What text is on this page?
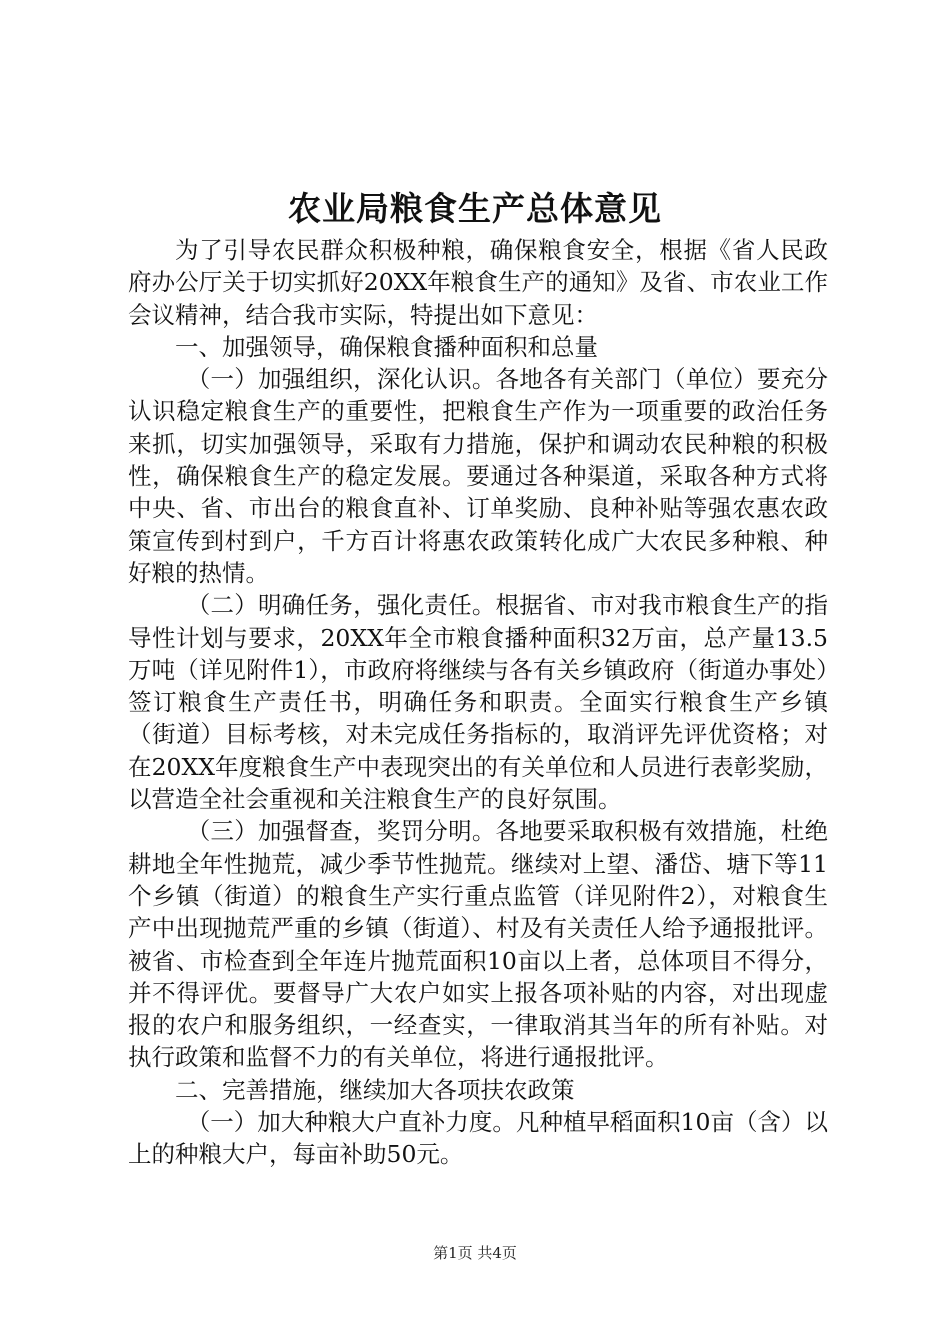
农业局粮食生产总体意见

为了引导农民群众积极种粮，确保粮食安全，根据《省人民政府办公厅关于切实抓好20XX年粮食生产的通知》及省、市农业工作会议精神，结合我市实际，特提出如下意见：

一、加强领导，确保粮食播种面积和总量

（一）加强组织，深化认识。各地各有关部门（单位）要充分认识稳定粮食生产的重要性，把粮食生产作为一项重要的政治任务来抓，切实加强领导，采取有力措施，保护和调动农民种粮的积极性，确保粮食生产的稳定发展。要通过各种渠道，采取各种方式将中央、省、市出台的粮食直补、订单奖励、良种补贴等强农惠农政策宣传到村到户，千方百计将惠农政策转化成广大农民多种粮、种好粮的热情。

（二）明确任务，强化责任。根据省、市对我市粮食生产的指导性计划与要求，20XX年全市粮食播种面积32万亩，总产量13.5万吨（详见附件1），市政府将继续与各有关乡镇政府（街道办事处）签订粮食生产责任书，明确任务和职责。全面实行粮食生产乡镇（街道）目标考核，对未完成任务指标的，取消评先评优资格；对在20XX年度粮食生产中表现突出的有关单位和人员进行表彰奖励，以营造全社会重视和关注粮食生产的良好氛围。

（三）加强督查，奖罚分明。各地要采取积极有效措施，杜绝耕地全年性抛荒，减少季节性抛荒。继续对上望、潘岱、塘下等11个乡镇（街道）的粮食生产实行重点监管（详见附件2），对粮食生产中出现抛荒严重的乡镇（街道）、村及有关责任人给予通报批评。被省、市检查到全年连片抛荒面积10亩以上者，总体项目不得分，并不得评优。要督导广大农户如实上报各项补贴的内容，对出现虚报的农户和服务组织，一经查实，一律取消其当年的所有补贴。对执行政策和监督不力的有关单位，将进行通报批评。

二、完善措施，继续加大各项扶农政策

（一）加大种粮大户直补力度。凡种植早稻面积10亩（含）以上的种粮大户，每亩补助50元。

第1页 共4页
